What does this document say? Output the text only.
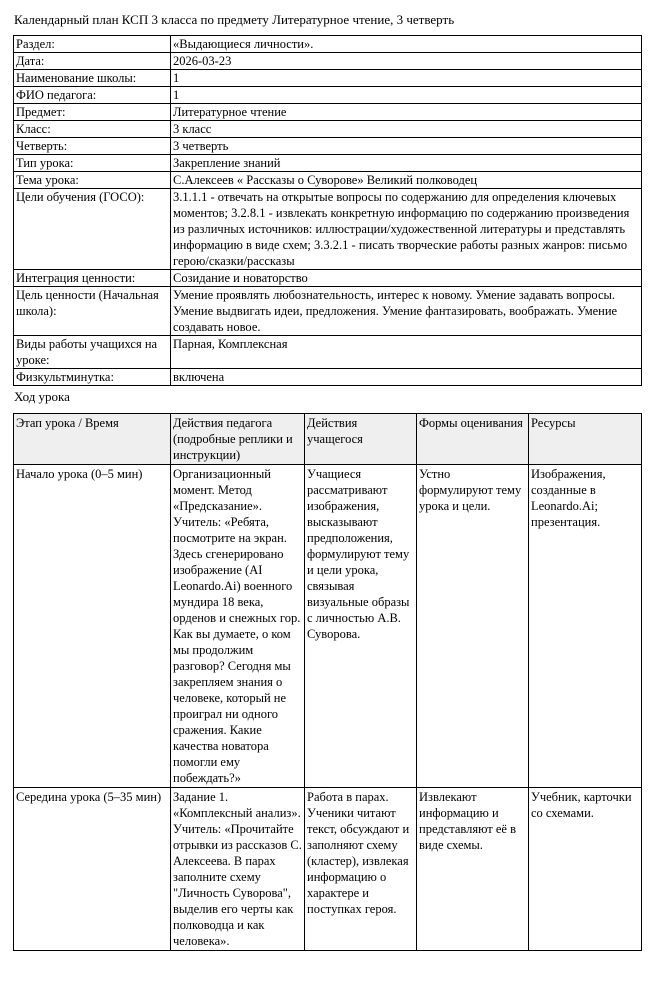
Календарный план КСП 3 класса по предмету Литературное чтение, 3 четверть
Раздел:	«Выдающиеся личности».
Дата:	2026-03-23
Наименование школы:	1
ФИО педагога:	1
Предмет:	Литературное чтение
Класс:	3 класс
Четверть:	3 четверть
Тип урока:	Закрепление знаний
Тема урока:	С.Алексеев « Рассказы о Суворове» Великий полководец
Цели обучения (ГОСО):	3.1.1.1 - отвечать на открытые вопросы по содержанию для определения ключевых моментов; 3.2.8.1 - извлекать конкретную информацию по содержанию произведения из различных источников: иллюстрации/художественной литературы и представлять информацию в виде схем; 3.3.2.1 - писать творческие работы разных жанров: письмо герою/сказки/рассказы
Интеграция ценности:	Созидание и новаторство
Цель ценности (Начальная школа):	Умение проявлять любознательность, интерес к новому. Умение задавать вопросы. Умение выдвигать идеи, предложения. Умение фантазировать, воображать. Умение создавать новое.
Виды работы учащихся на уроке:	Парная, Комплексная
Физкультминутка:	включена
Ход урока
Этап урока / Время	Действия педагога (подробные реплики и инструкции)	Действия учащегося	Формы оценивания	Ресурсы
Начало урока (0–5 мин)	Организационный момент. Метод «Предсказание». Учитель: «Ребята, посмотрите на экран. Здесь сгенерировано изображение (AI Leonardo.Ai) военного мундира 18 века, орденов и снежных гор. Как вы думаете, о ком мы продолжим разговор? Сегодня мы закрепляем знания о человеке, который не проиграл ни одного сражения. Какие качества новатора помогли ему побеждать?»	Учащиеся рассматривают изображения, высказывают предположения, формулируют тему и цели урока, связывая визуальные образы с личностью А.В. Суворова.	Устно формулируют тему урока и цели.	Изображения, созданные в Leonardo.Ai; презентация.
Середина урока (5–35 мин)	Задание 1. «Комплексный анализ». Учитель: «Прочитайте отрывки из рассказов С. Алексеева. В парах заполните схему "Личность Суворова", выделив его черты как полководца и как человека».	Работа в парах. Ученики читают текст, обсуждают и заполняют схему (кластер), извлекая информацию о характере и поступках героя.	Извлекают информацию и представляют её в виде схемы.	Учебник, карточки со схемами.
